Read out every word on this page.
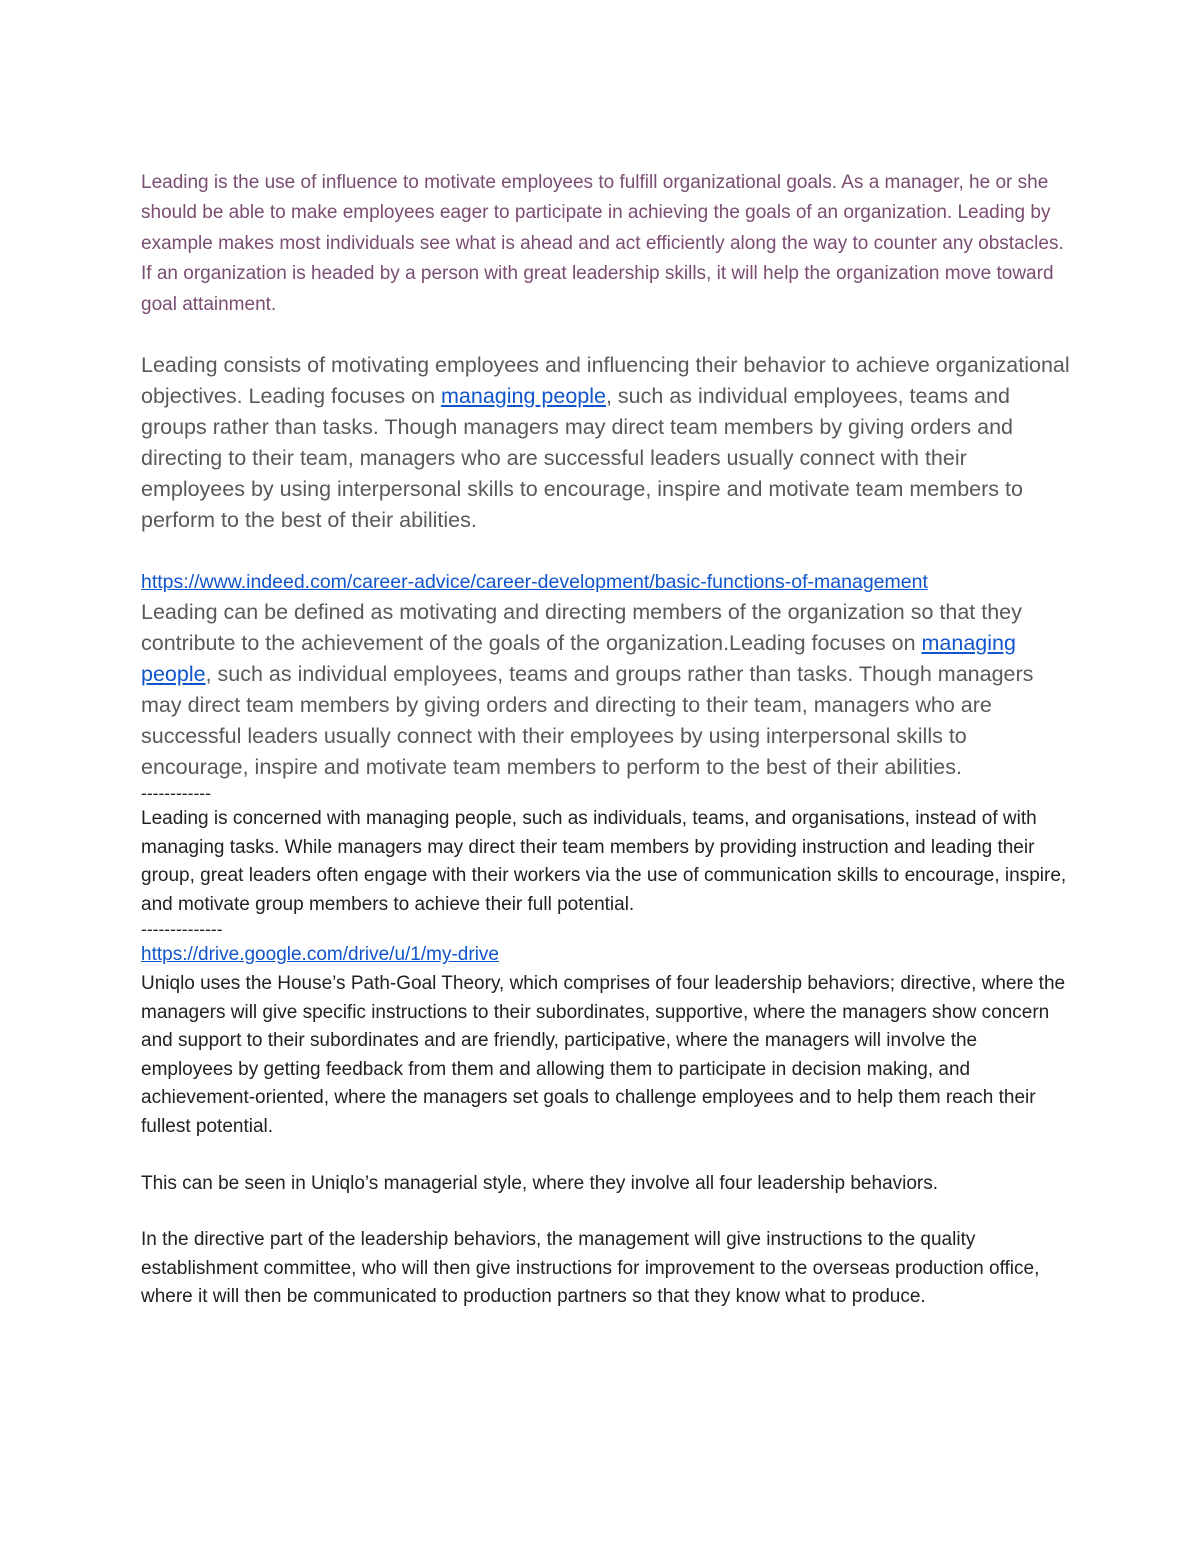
Leading is the use of influence to motivate employees to fulfill organizational goals. As a manager, he or she should be able to make employees eager to participate in achieving the goals of an organization. Leading by example makes most individuals see what is ahead and act efficiently along the way to counter any obstacles. If an organization is headed by a person with great leadership skills, it will help the organization move toward goal attainment.

Leading consists of motivating employees and influencing their behavior to achieve organizational objectives. Leading focuses on managing people, such as individual employees, teams and groups rather than tasks. Though managers may direct team members by giving orders and directing to their team, managers who are successful leaders usually connect with their employees by using interpersonal skills to encourage, inspire and motivate team members to perform to the best of their abilities.

https://www.indeed.com/career-advice/career-development/basic-functions-of-management

Leading can be defined as motivating and directing members of the organization so that they contribute to the achievement of the goals of the organization.Leading focuses on managing people, such as individual employees, teams and groups rather than tasks. Though managers may direct team members by giving orders and directing to their team, managers who are successful leaders usually connect with their employees by using interpersonal skills to encourage, inspire and motivate team members to perform to the best of their abilities.

------------

Leading is concerned with managing people, such as individuals, teams, and organisations, instead of with managing tasks. While managers may direct their team members by providing instruction and leading their group, great leaders often engage with their workers via the use of communication skills to encourage, inspire, and motivate group members to achieve their full potential.

--------------

https://drive.google.com/drive/u/1/my-drive

Uniqlo uses the House’s Path-Goal Theory, which comprises of four leadership behaviors; directive, where the managers will give specific instructions to their subordinates, supportive, where the managers show concern and support to their subordinates and are friendly, participative, where the managers will involve the employees by getting feedback from them and allowing them to participate in decision making, and achievement-oriented, where the managers set goals to challenge employees and to help them reach their fullest potential.

This can be seen in Uniqlo’s managerial style, where they involve all four leadership behaviors.

In the directive part of the leadership behaviors, the management will give instructions to the quality establishment committee, who will then give instructions for improvement to the overseas production office, where it will then be communicated to production partners so that they know what to produce.
